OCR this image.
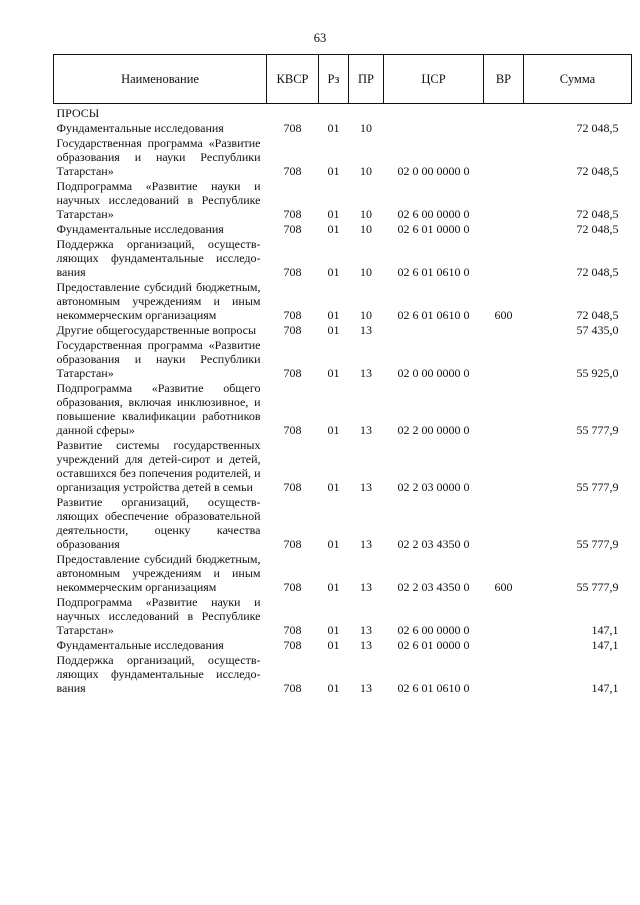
63
Наименование	КВСР	Рз	ПР	ЦСР	ВР	Сумма
ПРОСЫ						
Фундаментальные исследования	708	01	10			72 048,5
Государственная программа «Развитие образования и науки Республики Татарстан»	708	01	10	02 0 00 0000 0		72 048,5
Подпрограмма «Развитие науки и научных исследований в Республике Татарстан»	708	01	10	02 6 00 0000 0		72 048,5
Фундаментальные исследования	708	01	10	02 6 01 0000 0		72 048,5
Поддержка организаций, осуществляющих фундаментальные исследования	708	01	10	02 6 01 0610 0		72 048,5
Предоставление субсидий бюджетным, автономным учреждениям и иным некоммерческим организациям	708	01	10	02 6 01 0610 0	600	72 048,5
Другие общегосударственные вопросы	708	01	13			57 435,0
Государственная программа «Развитие образования и науки Республики Татарстан»	708	01	13	02 0 00 0000 0		55 925,0
Подпрограмма «Развитие общего образования, включая инклюзивное, и повышение квалификации работников данной сферы»	708	01	13	02 2 00 0000 0		55 777,9
Развитие системы государственных учреждений для детей-сирот и детей, оставшихся без попечения родителей, и организация устройства детей в семьи	708	01	13	02 2 03 0000 0		55 777,9
Развитие организаций, осуществляющих обеспечение образовательной деятельности, оценку качества образования	708	01	13	02 2 03 4350 0		55 777,9
Предоставление субсидий бюджетным, автономным учреждениям и иным некоммерческим организациям	708	01	13	02 2 03 4350 0	600	55 777,9
Подпрограмма «Развитие науки и научных исследований в Республике Татарстан»	708	01	13	02 6 00 0000 0		147,1
Фундаментальные исследования	708	01	13	02 6 01 0000 0		147,1
Поддержка организаций, осуществляющих фундаментальные исследования	708	01	13	02 6 01 0610 0		147,1
